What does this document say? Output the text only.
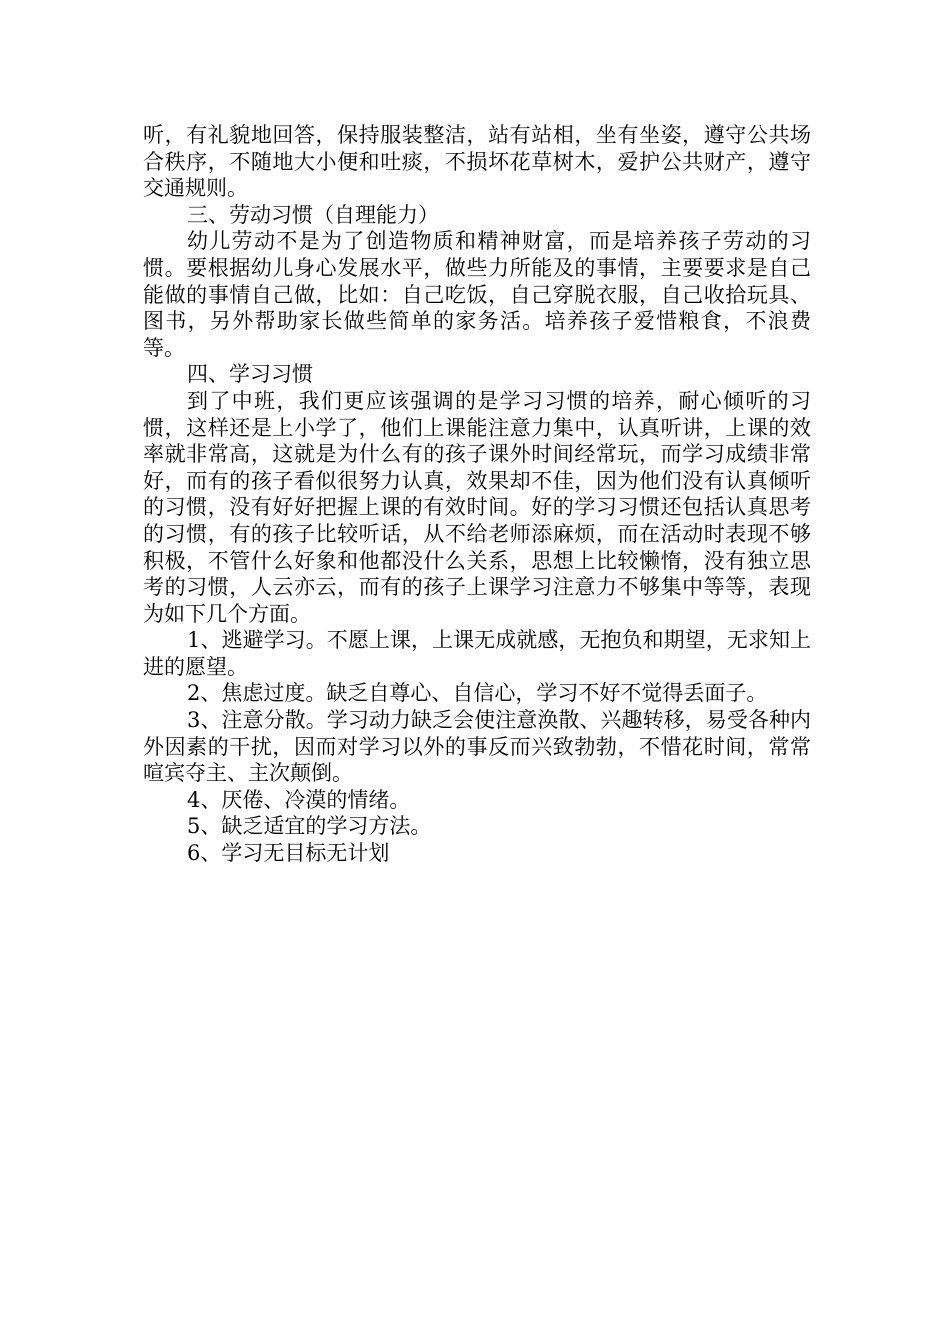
听，有礼貌地回答，保持服装整洁，站有站相，坐有坐姿，遵守公共场合秩序，不随地大小便和吐痰，不损坏花草树木，爱护公共财产，遵守交通规则。

三、劳动习惯（自理能力）

幼儿劳动不是为了创造物质和精神财富，而是培养孩子劳动的习惯。要根据幼儿身心发展水平，做些力所能及的事情，主要要求是自己能做的事情自己做，比如：自己吃饭，自己穿脱衣服，自己收拾玩具、图书，另外帮助家长做些简单的家务活。培养孩子爱惜粮食，不浪费等。

四、学习习惯

到了中班，我们更应该强调的是学习习惯的培养，耐心倾听的习惯，这样还是上小学了，他们上课能注意力集中，认真听讲，上课的效率就非常高，这就是为什么有的孩子课外时间经常玩，而学习成绩非常好，而有的孩子看似很努力认真，效果却不佳，因为他们没有认真倾听的习惯，没有好好把握上课的有效时间。好的学习习惯还包括认真思考的习惯，有的孩子比较听话，从不给老师添麻烦，而在活动时表现不够积极，不管什么好象和他都没什么关系，思想上比较懒惰，没有独立思考的习惯，人云亦云，而有的孩子上课学习注意力不够集中等等，表现为如下几个方面。

1、逃避学习。不愿上课，上课无成就感，无抱负和期望，无求知上进的愿望。

2、焦虑过度。缺乏自尊心、自信心，学习不好不觉得丢面子。

3、注意分散。学习动力缺乏会使注意涣散、兴趣转移，易受各种内外因素的干扰，因而对学习以外的事反而兴致勃勃，不惜花时间，常常喧宾夺主、主次颠倒。

4、厌倦、冷漠的情绪。

5、缺乏适宜的学习方法。

6、学习无目标无计划
